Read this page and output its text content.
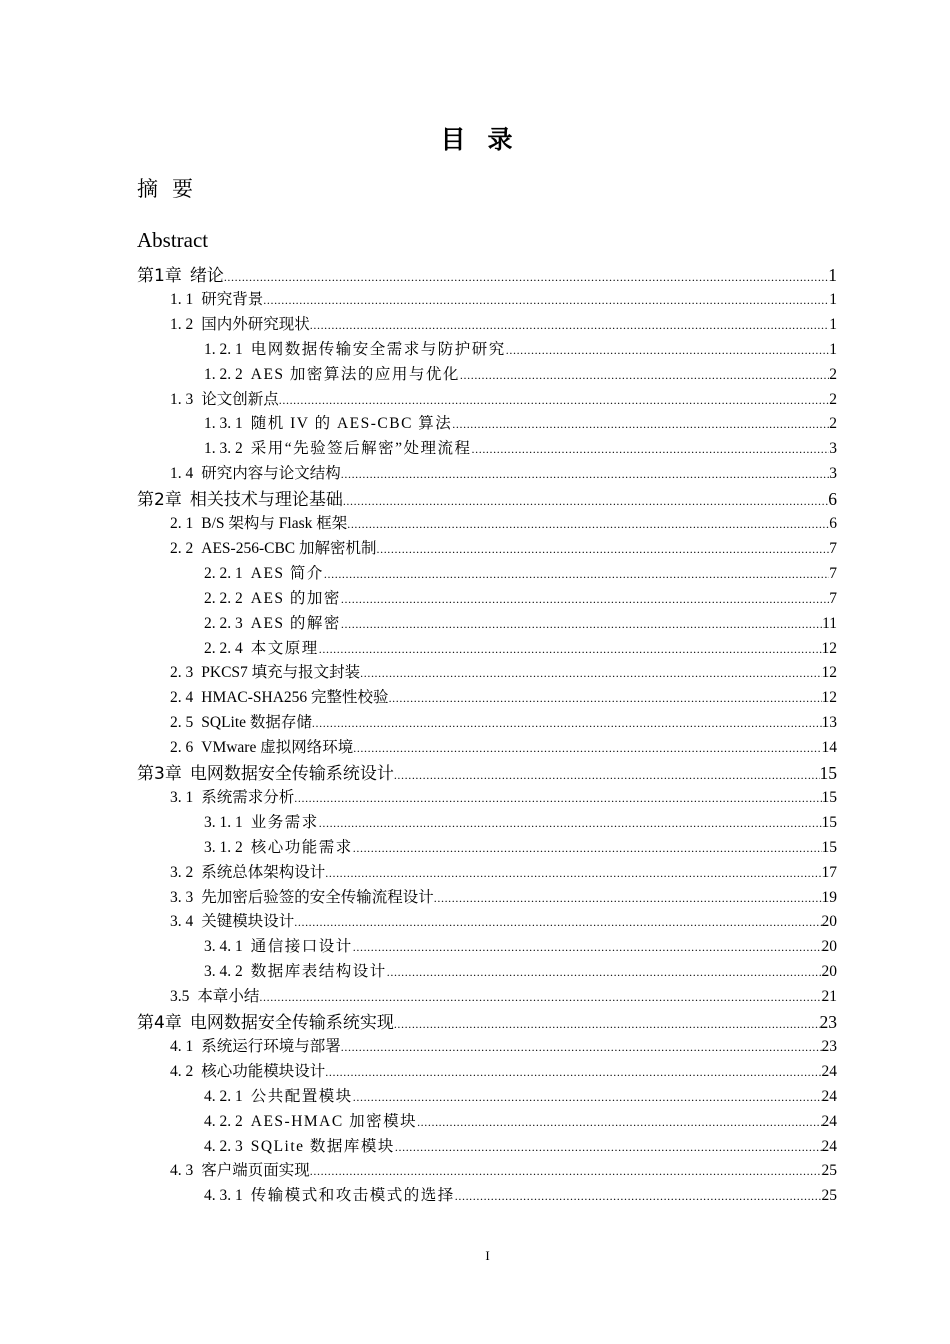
目录
摘要
Abstract
第1章 绪论 .....	1
1. 1 研究背景 .....	1
1. 2 国内外研究现状 .....	1
1. 2. 1 电网数据传输安全需求与防护研究 .....	1
1. 2. 2 AES 加密算法的应用与优化 .....	2
1. 3 论文创新点 .....	2
1. 3. 1 随机 IV 的 AES-CBC 算法 .....	2
1. 3. 2 采用“先验签后解密”处理流程 .....	3
1. 4 研究内容与论文结构 .....	3
第2章 相关技术与理论基础 .....	6
2. 1 B/S 架构与 Flask 框架 .....	6
2. 2 AES-256-CBC 加解密机制 .....	7
2. 2. 1 AES 简介 .....	7
2. 2. 2 AES 的加密 .....	7
2. 2. 3 AES 的解密 .....	11
2. 2. 4 本文原理 .....	12
2. 3 PKCS7 填充与报文封装 .....	12
2. 4 HMAC-SHA256 完整性校验 .....	12
2. 5 SQLite 数据存储 .....	13
2. 6 VMware 虚拟网络环境 .....	14
第3章 电网数据安全传输系统设计 .....	15
3. 1 系统需求分析 .....	15
3. 1. 1 业务需求 .....	15
3. 1. 2 核心功能需求 .....	15
3. 2 系统总体架构设计 .....	17
3. 3 先加密后验签的安全传输流程设计 .....	19
3. 4 关键模块设计 .....	20
3. 4. 1 通信接口设计 .....	20
3. 4. 2 数据库表结构设计 .....	20
3.5 本章小结 .....	21
第4章 电网数据安全传输系统实现 .....	23
4. 1 系统运行环境与部署 .....	23
4. 2 核心功能模块设计 .....	24
4. 2. 1 公共配置模块 .....	24
4. 2. 2 AES-HMAC 加密模块 .....	24
4. 2. 3 SQLite 数据库模块 .....	24
4. 3 客户端页面实现 .....	25
4. 3. 1 传输模式和攻击模式的选择 .....	25
I
